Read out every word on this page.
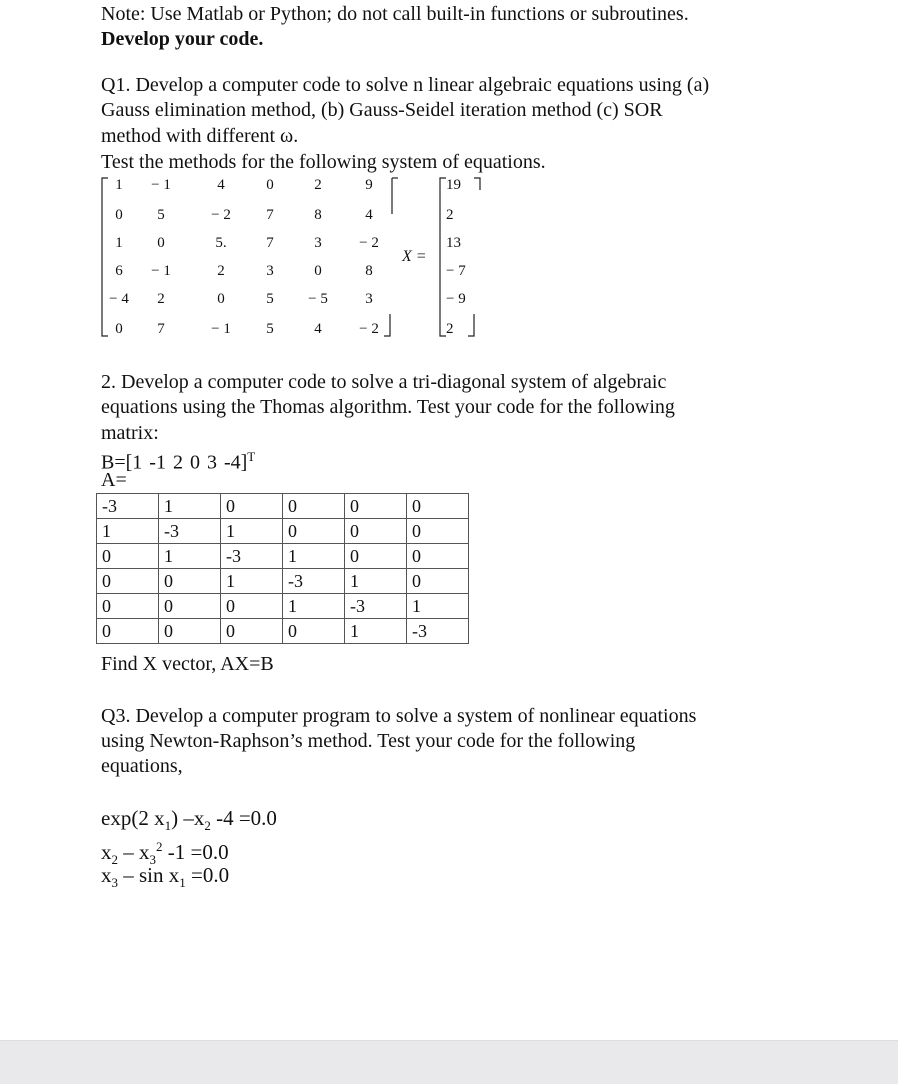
Note: Use Matlab or Python; do not call built-in functions or subroutines.
Develop your code.
Q1. Develop a computer code to solve n linear algebraic equations using (a)
Gauss elimination method, (b) Gauss-Seidel iteration method (c) SOR
method with different ω.
Test the methods for the following system of equations.
1	− 1	4	0	2	9
0	5	− 2	7	8	4
1	0	5.	7	3	− 2
6	− 1	2	3	0	8
− 4	2	0	5	− 5	3
0	7	− 1	5	4	− 2
X =
19
2
13
− 7
− 9
2
2. Develop a computer code to solve a tri-diagonal system of algebraic
equations using the Thomas algorithm. Test your code for the following
matrix:
B=[1 -1 2 0 3 -4]$^T$
A=
-3	1	0	0	0	0
1	-3	1	0	0	0
0	1	-3	1	0	0
0	0	1	-3	1	0
0	0	0	1	-3	1
0	0	0	0	1	-3
Find X vector, AX=B
Q3. Develop a computer program to solve a system of nonlinear equations
using Newton-Raphson’s method. Test your code for the following
equations,
exp(2 $x_1$) $-x_2$ -4 =0.0
$x_2 - x_3^2$ -1 =0.0
$x_3 - \sin x_1 =0.0$
